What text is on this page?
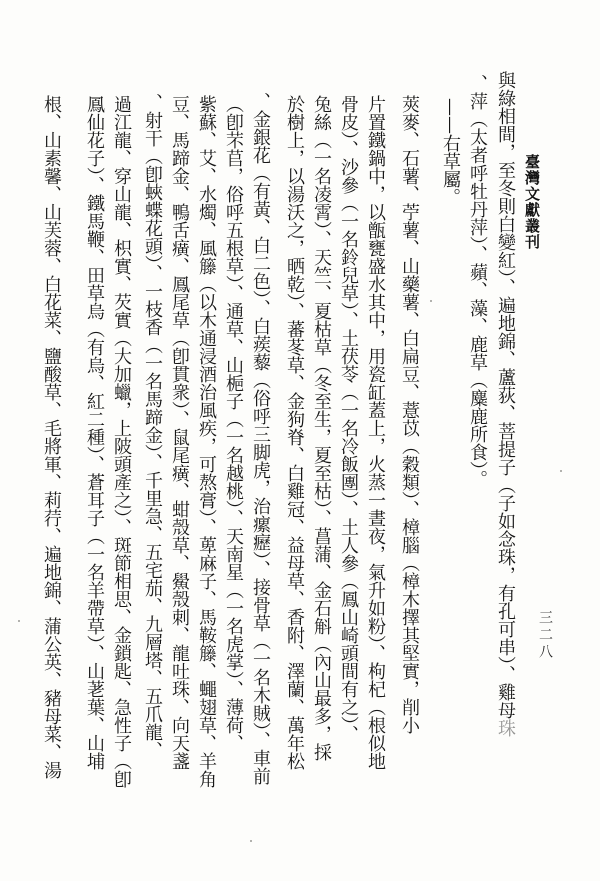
臺灣文獻叢刊
三二八
與綠相間，至冬則白變紅）、遍地錦、蘆荻、菩提子（子如念珠，有孔可串）、雞母珠
、萍（太者呼牡丹萍）、蘋、藻、鹿草（麋鹿所食）。
——右草屬。
莢麥、石薯、苧薯、山藥薯、白扁豆、薏苡（穀類）、樟腦（樟木擇其堅實，削小
片置鐵鍋中，以甑甕盛水其中，用瓷缸蓋上，火蒸一晝夜，氣升如粉）、枸杞（根似地
骨皮）、沙參（一名鈴兒草）、土茯苓（一名冷飯團）、土人參（鳳山崎頭間有之）、
兔絲（一名凌霄）、天竺、夏枯草（冬至生，夏至枯）、菖蒲、金石斛（內山最多，採
於樹上，以湯沃之，晒乾）、蕃苳草、金狗脊、白雞冠、益母草、香附、澤蘭、萬年松
、金銀花（有黃、白二色）、白蒺藜（俗呼三脚虎，治瘰癧）、接骨草（一名木賊）、車前
（卽芣苢，俗呼五根草）、通草、山梔子（一名越桃）、天南星（一名虎掌）、薄荷、
紫蘇、艾、水燭、風籐（以木通浸酒治風疾，可熬膏）、萆麻子、馬鞍籐、蠅翅草、羊角
豆、馬蹄金、鴨舌癀、鳳尾草（卽貫衆）、鼠尾癀、蚶殼草、鱟殼刺、龍吐珠、向天盞
、射干（卽蛺蝶花頭）、一枝香（一名馬蹄金）、千里急、五宅茄、九層塔、五爪龍、
過江龍、穿山龍、枳實、芡實（大加蠟，上陂頭產之）、斑節相思、金鎖匙、急性子（卽
鳳仙花子）、鐵馬鞭、田草烏（有烏、紅二種）、蒼耳子（一名羊帶草）、山荖葉、山埔
根、山素馨、山芙蓉、白花菜、鹽酸草、毛將軍、莉荇、遍地錦、蒲公英、豬母菜、湯
